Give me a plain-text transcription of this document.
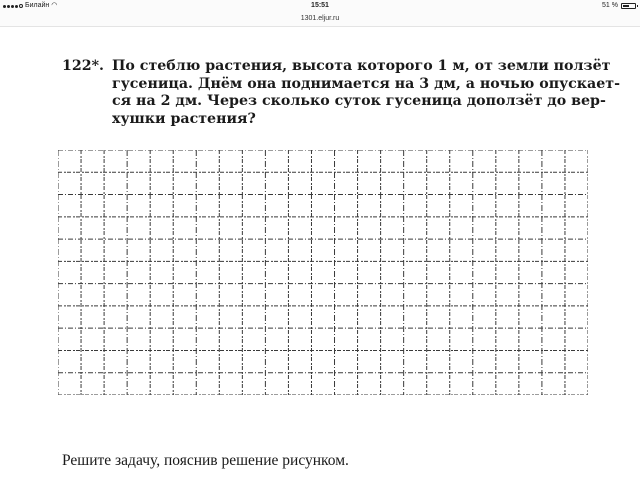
Билайн ◠	15:51	51 %
1301.eljur.ru
122*. По стеблю растения, высота которого 1 м, от земли ползёт
гусеница. Днём она поднимается на 3 дм, а ночью опускает-
ся на 2 дм. Через сколько суток гусеница доползёт до вер-
хушки растения?
Решите задачу, пояснив решение рисунком.
